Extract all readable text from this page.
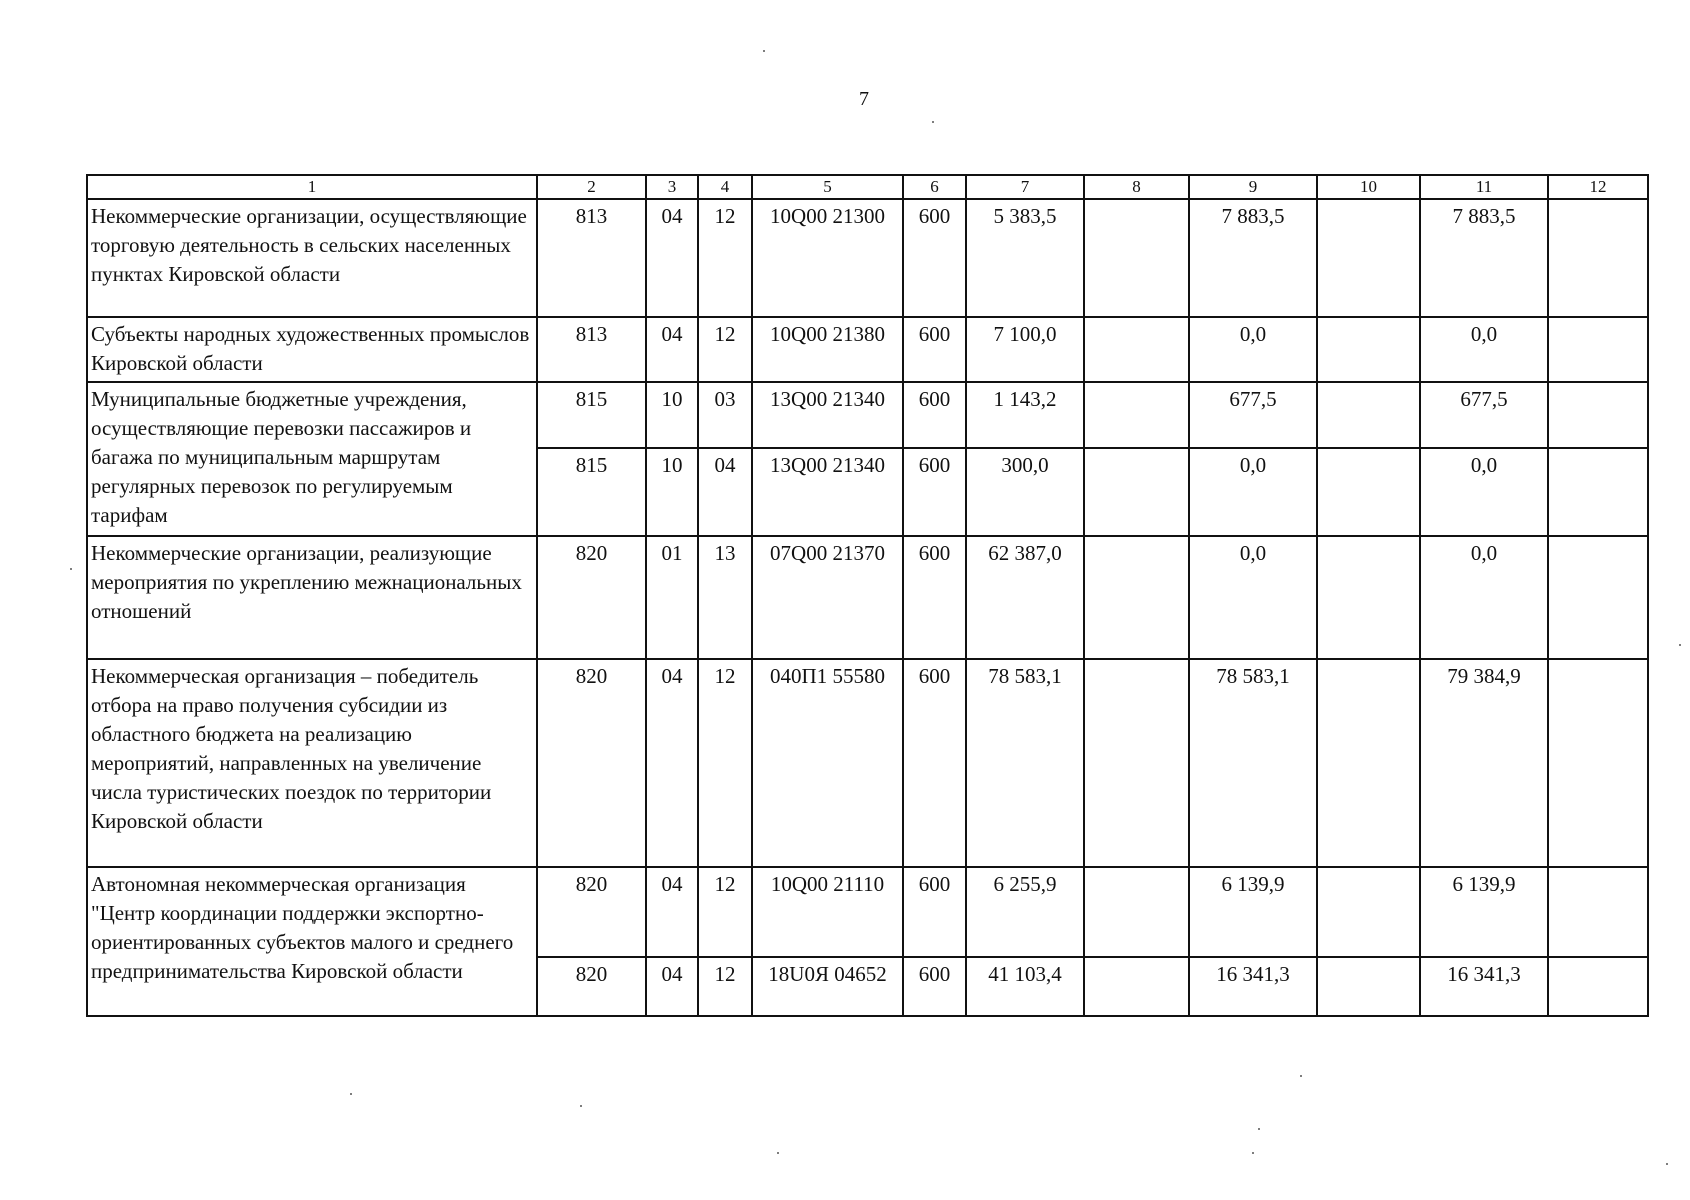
7
1	2	3	4	5	6	7	8	9	10	11	12
Некоммерческие организации, осуществляющие торговую деятельность в сельских населенных пунктах Кировской области	813	04	12	10Q00 21300	600	5 383,5		7 883,5		7 883,5	
Субъекты народных художественных промыслов Кировской области	813	04	12	10Q00 21380	600	7 100,0		0,0		0,0	
Муниципальные бюджетные учреждения, осуществляющие перевозки пассажиров и багажа по муниципальным маршрутам регулярных перевозок по регулируемым тарифам	815	10	03	13Q00 21340	600	1 143,2		677,5		677,5	
	815	10	04	13Q00 21340	600	300,0		0,0		0,0	
Некоммерческие организации, реализующие мероприятия по укреплению межнациональных отношений	820	01	13	07Q00 21370	600	62 387,0		0,0		0,0	
Некоммерческая организация – победитель отбора на право получения субсидии из областного бюджета на реализацию мероприятий, направленных на увеличение числа туристических поездок по территории Кировской области	820	04	12	040П1 55580	600	78 583,1		78 583,1		79 384,9	
Автономная некоммерческая организация "Центр координации поддержки экспортно-ориентированных субъектов малого и среднего предпринимательства Кировской области	820	04	12	10Q00 21110	600	6 255,9		6 139,9		6 139,9	
	820	04	12	18U0Я 04652	600	41 103,4		16 341,3		16 341,3	
